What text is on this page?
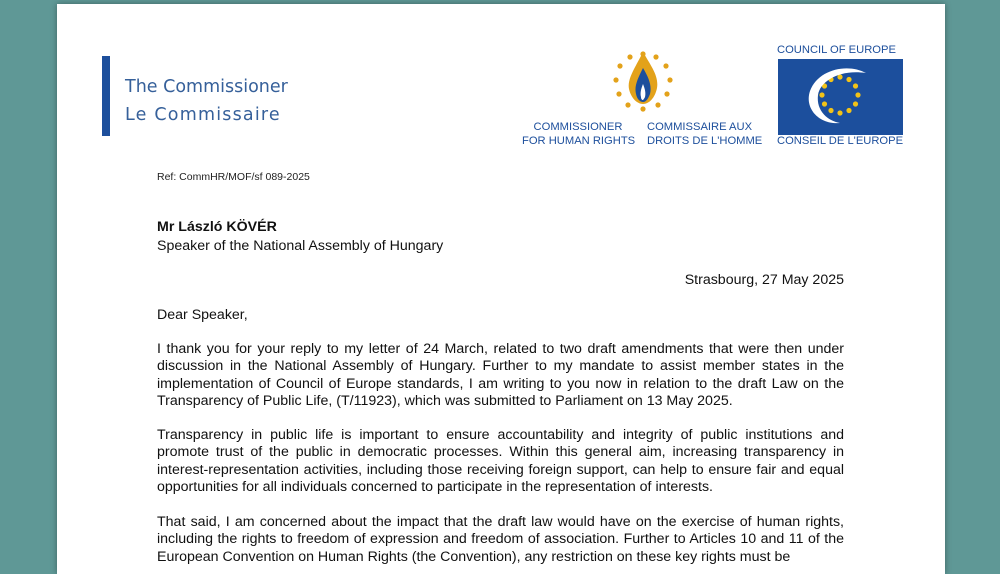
The Commissioner
Le Commissaire
COMMISSIONER
FOR HUMAN RIGHTS
COMMISSAIRE AUX
DROITS DE L'HOMME
COUNCIL OF EUROPE
CONSEIL DE L'EUROPE
Ref: CommHR/MOF/sf 089-2025
Mr László KÖVÉR
Speaker of the National Assembly of Hungary
Strasbourg, 27 May 2025
Dear Speaker,

I thank you for your reply to my letter of 24 March, related to two draft amendments that were then under discussion in the National Assembly of Hungary. Further to my mandate to assist member states in the implementation of Council of Europe standards, I am writing to you now in relation to the draft Law on the Transparency of Public Life, (T/11923), which was submitted to Parliament on 13 May 2025.

Transparency in public life is important to ensure accountability and integrity of public institutions and promote trust of the public in democratic processes. Within this general aim, increasing transparency in interest-representation activities, including those receiving foreign support, can help to ensure fair and equal opportunities for all individuals concerned to participate in the representation of interests.

That said, I am concerned about the impact that the draft law would have on the exercise of human rights, including the rights to freedom of expression and freedom of association. Further to Articles 10 and 11 of the European Convention on Human Rights (the Convention), any restriction on these key rights must be
